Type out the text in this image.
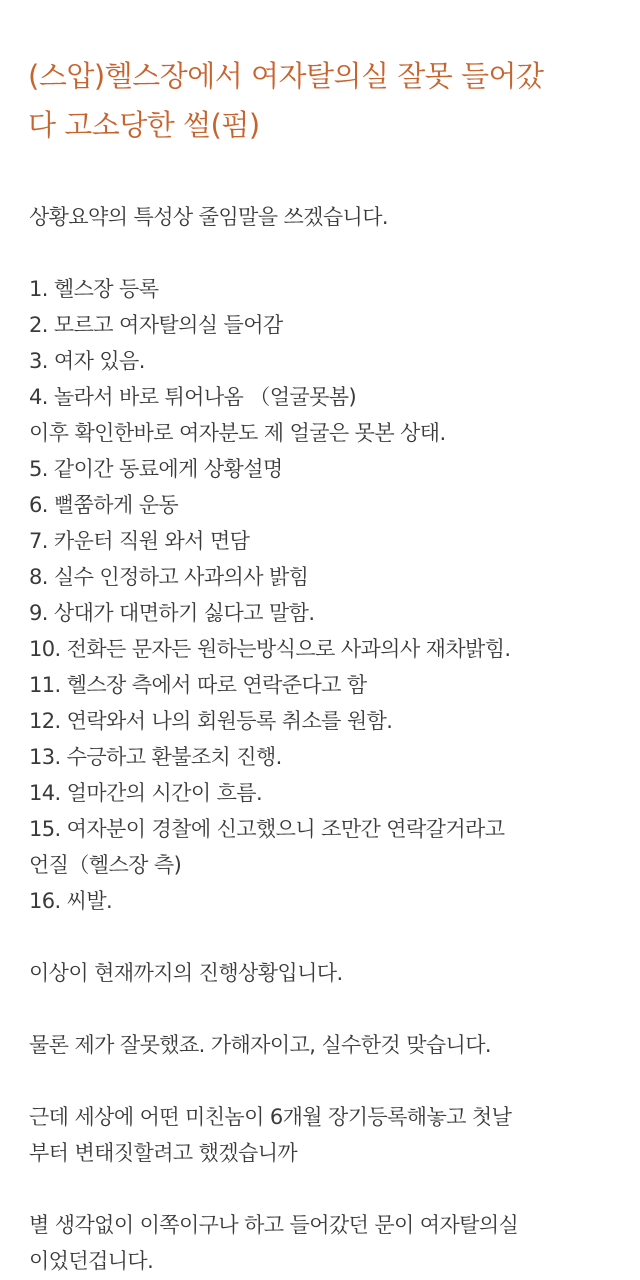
(스압)헬스장에서 여자탈의실 잘못 들어갔
다 고소당한 썰(펌)
상황요약의 특성상 줄임말을 쓰겠습니다.
1. 헬스장 등록
2. 모르고 여자탈의실 들어감
3. 여자 있음.
4. 놀라서 바로 튀어나옴 （얼굴못봄)
이후 확인한바로 여자분도 제 얼굴은 못본 상태.
5. 같이간 동료에게 상황설명
6. 뻘쭘하게 운동
7. 카운터 직원 와서 면담
8. 실수 인정하고 사과의사 밝힘
9. 상대가 대면하기 싫다고 말함.
10. 전화든 문자든 원하는방식으로 사과의사 재차밝힘.
11. 헬스장 측에서 따로 연락준다고 함
12. 연락와서 나의 회원등록 취소를 원함.
13. 수긍하고 환불조치 진행.
14. 얼마간의 시간이 흐름.
15. 여자분이 경찰에 신고했으니 조만간 연락갈거라고
언질（헬스장 측)
16. 씨발.
이상이 현재까지의 진행상황입니다.
물론 제가 잘못했죠. 가해자이고, 실수한것 맞습니다.
근데 세상에 어떤 미친놈이 6개월 장기등록해놓고 첫날
부터 변태짓할려고 했겠습니까
별 생각없이 이쪽이구나 하고 들어갔던 문이 여자탈의실
이었던겁니다.
